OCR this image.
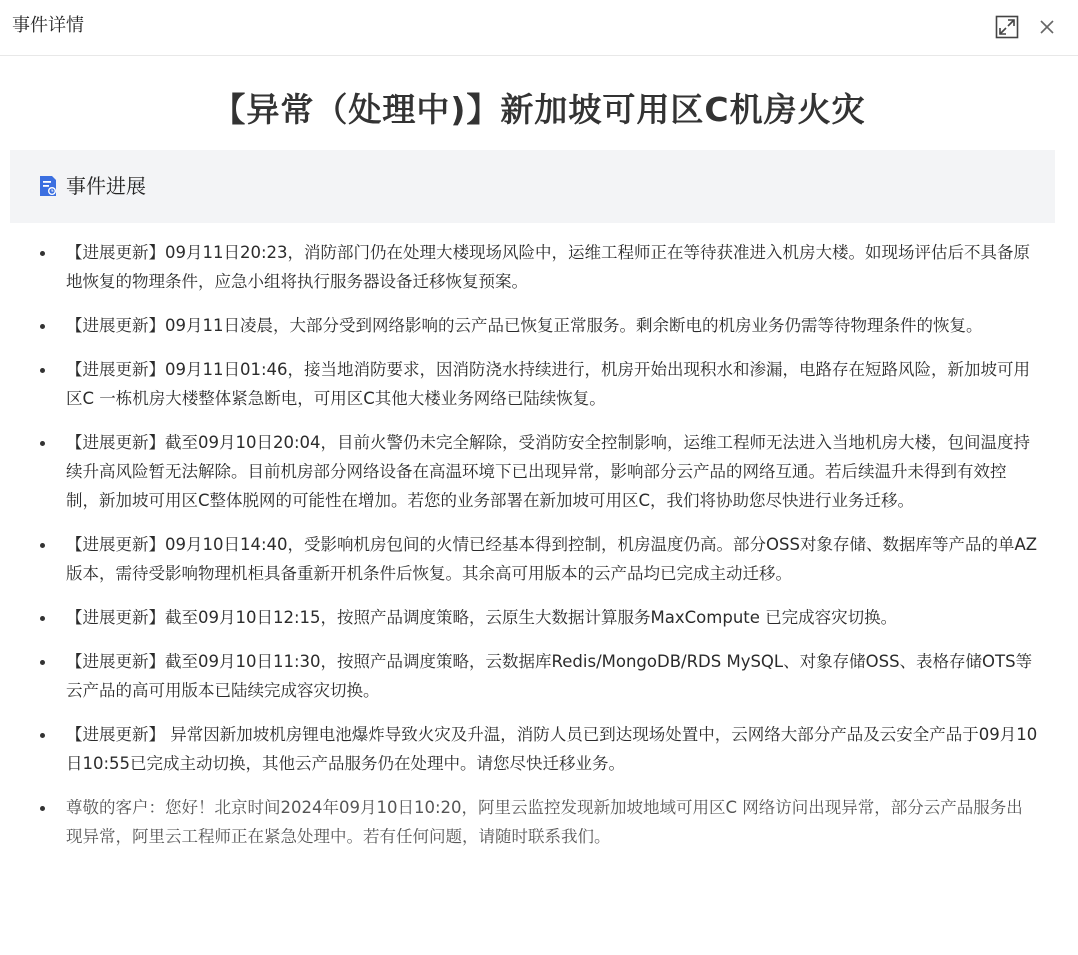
事件详情
【异常（处理中)】新加坡可用区C机房火灾
事件进展
【进展更新】09月11日20:23，消防部门仍在处理大楼现场风险中，运维工程师正在等待获准进入机房大楼。如现场评估后不具备原地恢复的物理条件，应急小组将执行服务器设备迁移恢复预案。
【进展更新】09月11日凌晨，大部分受到网络影响的云产品已恢复正常服务。剩余断电的机房业务仍需等待物理条件的恢复。
【进展更新】09月11日01:46，接当地消防要求，因消防浇水持续进行，机房开始出现积水和渗漏，电路存在短路风险，新加坡可用区C 一栋机房大楼整体紧急断电，可用区C其他大楼业务网络已陆续恢复。
【进展更新】截至09月10日20:04，目前火警仍未完全解除，受消防安全控制影响，运维工程师无法进入当地机房大楼，包间温度持续升高风险暂无法解除。目前机房部分网络设备在高温环境下已出现异常，影响部分云产品的网络互通。若后续温升未得到有效控制，新加坡可用区C整体脱网的可能性在增加。若您的业务部署在新加坡可用区C，我们将协助您尽快进行业务迁移。
【进展更新】09月10日14:40，受影响机房包间的火情已经基本得到控制，机房温度仍高。部分OSS对象存储、数据库等产品的单AZ版本，需待受影响物理机柜具备重新开机条件后恢复。其余高可用版本的云产品均已完成主动迁移。
【进展更新】截至09月10日12:15，按照产品调度策略，云原生大数据计算服务MaxCompute 已完成容灾切换。
【进展更新】截至09月10日11:30，按照产品调度策略，云数据库Redis/MongoDB/RDS MySQL、对象存储OSS、表格存储OTS等云产品的高可用版本已陆续完成容灾切换。
【进展更新】 异常因新加坡机房锂电池爆炸导致火灾及升温，消防人员已到达现场处置中，云网络大部分产品及云安全产品于09月10日10:55已完成主动切换，其他云产品服务仍在处理中。请您尽快迁移业务。
尊敬的客户：您好！北京时间2024年09月10日10:20，阿里云监控发现新加坡地域可用区C 网络访问出现异常，部分云产品服务出现异常，阿里云工程师正在紧急处理中。若有任何问题，请随时联系我们。
